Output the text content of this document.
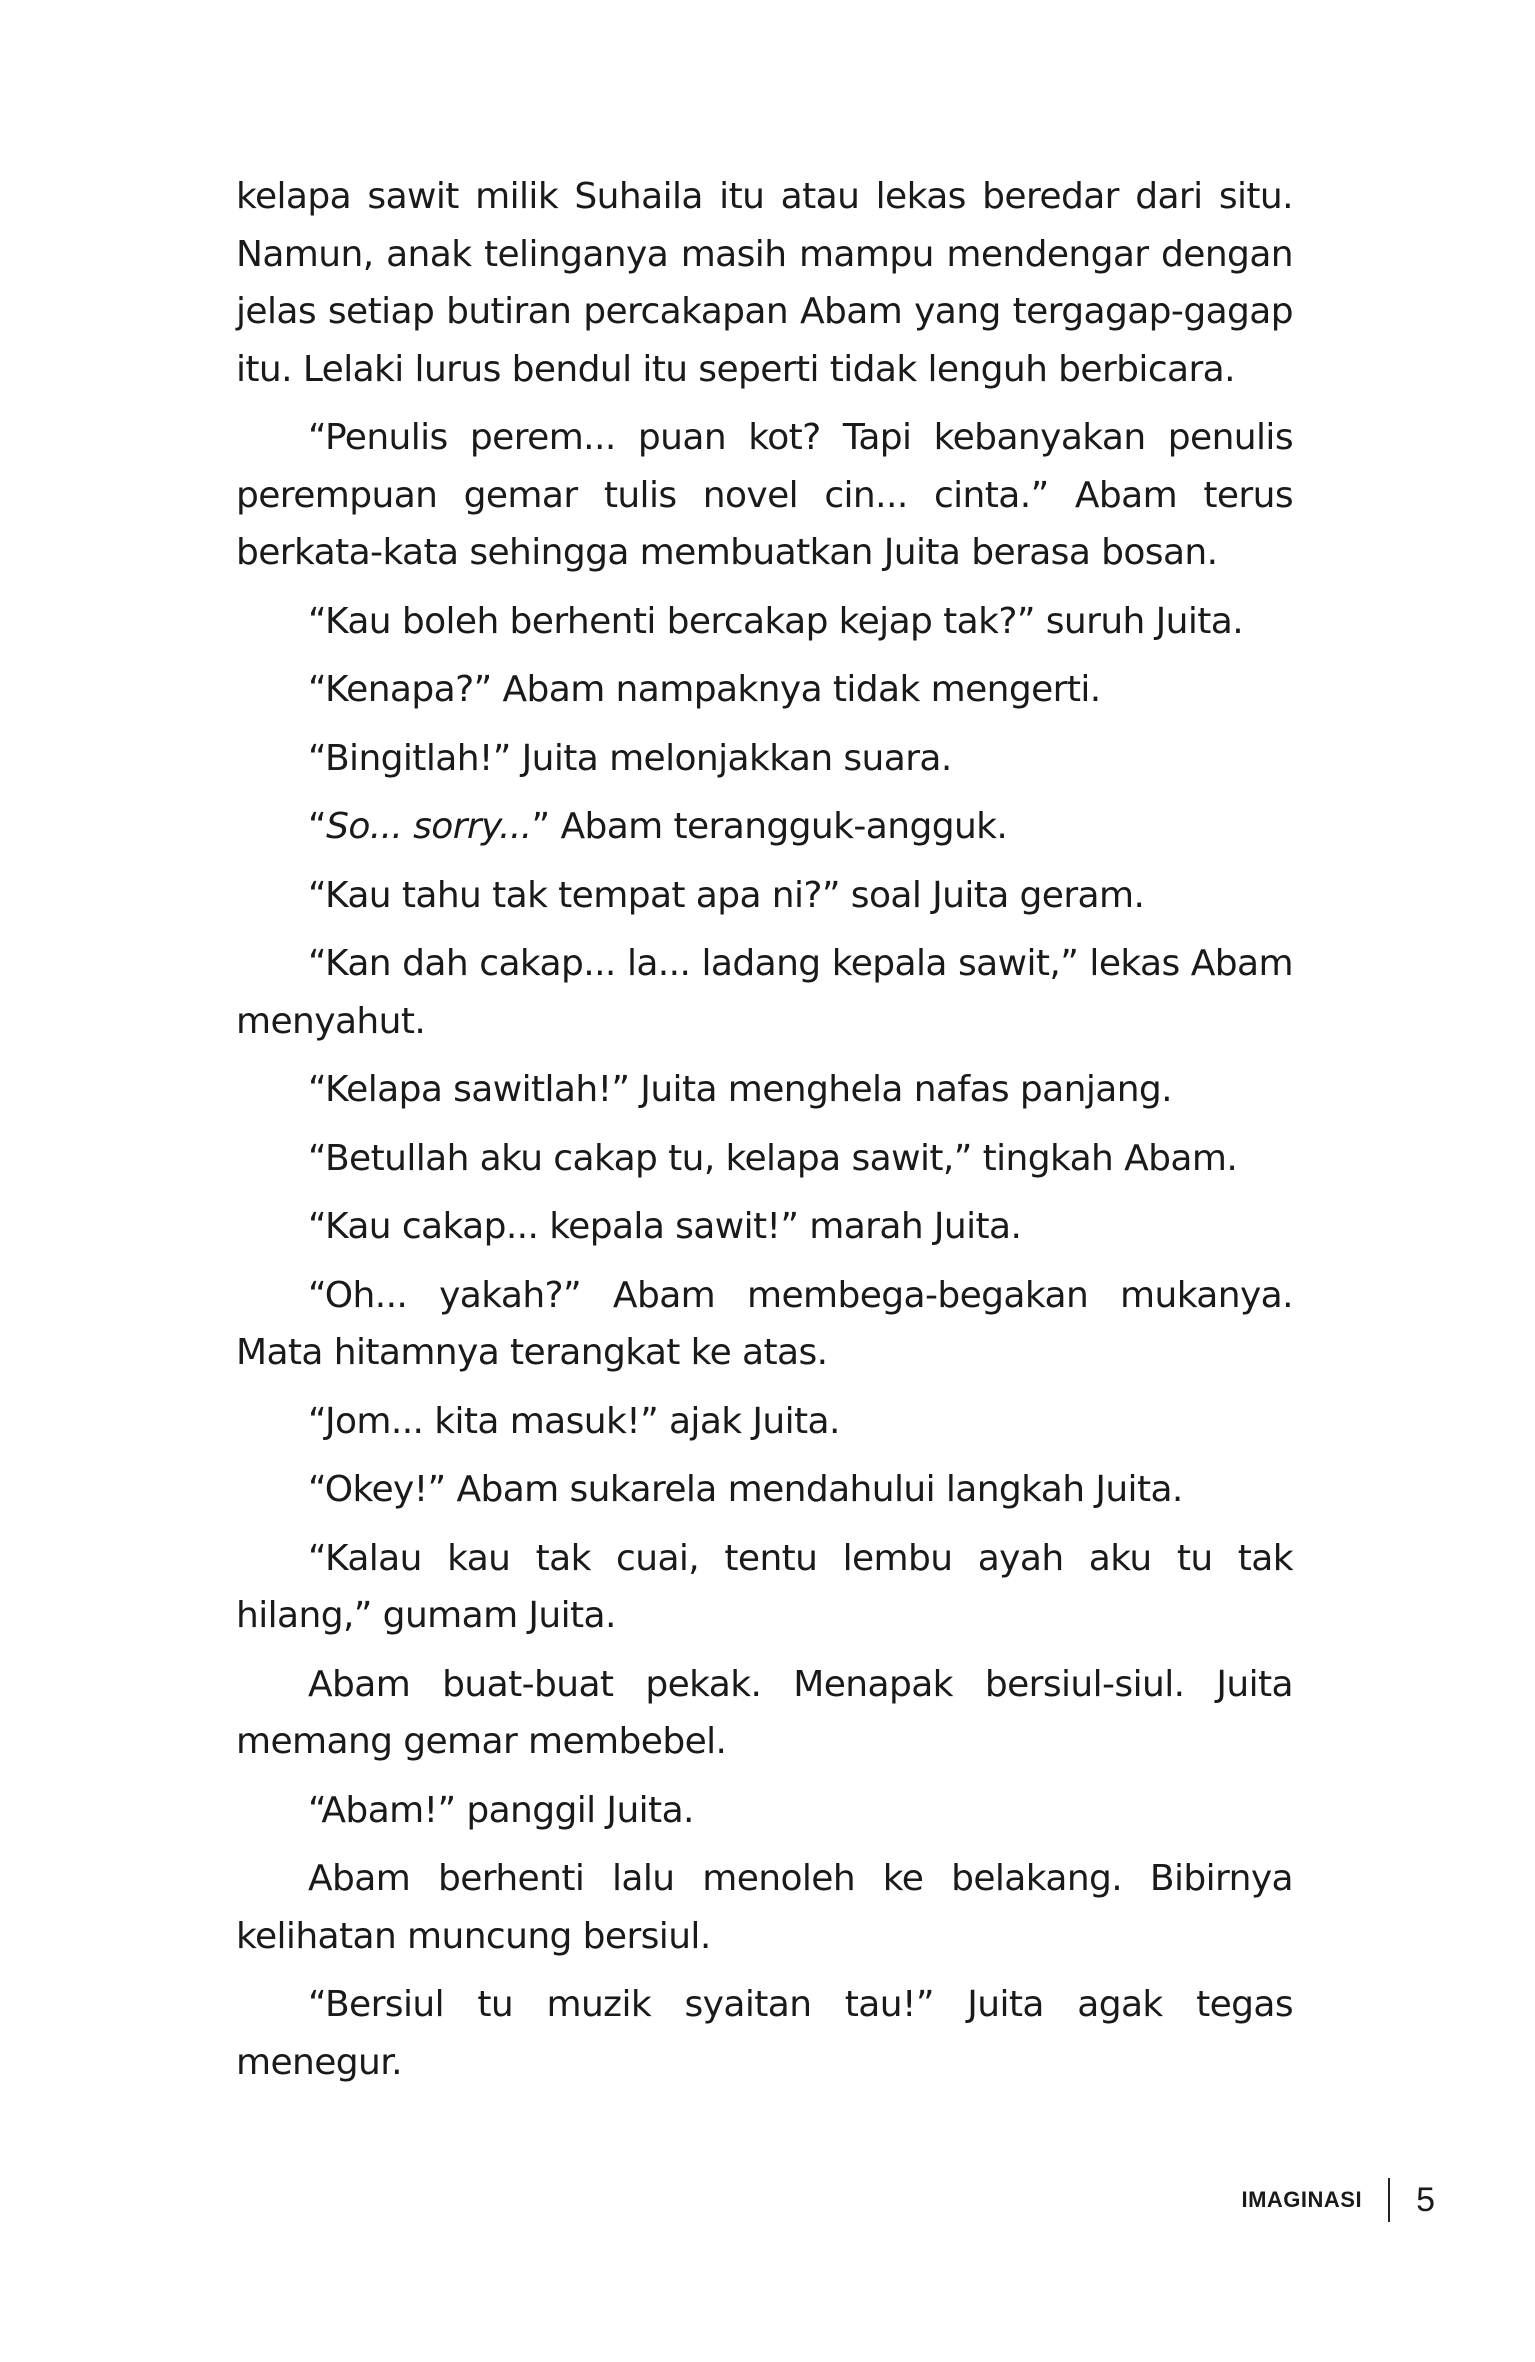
kelapa sawit milik Suhaila itu atau lekas beredar dari situ. Namun, anak telinganya masih mampu mendengar dengan jelas setiap butiran percakapan Abam yang tergagap-gagap itu. Lelaki lurus bendul itu seperti tidak lenguh berbicara.

“Penulis perem... puan kot? Tapi kebanyakan penulis perempuan gemar tulis novel cin... cinta.” Abam terus berkata-kata sehingga membuatkan Juita berasa bosan.

“Kau boleh berhenti bercakap kejap tak?” suruh Juita.

“Kenapa?” Abam nampaknya tidak mengerti.

“Bingitlah!” Juita melonjakkan suara.

“So... sorry...” Abam terangguk-angguk.

“Kau tahu tak tempat apa ni?” soal Juita geram.

“Kan dah cakap... la... ladang kepala sawit,” lekas Abam menyahut.

“Kelapa sawitlah!” Juita menghela nafas panjang.

“Betullah aku cakap tu, kelapa sawit,” tingkah Abam.

“Kau cakap... kepala sawit!” marah Juita.

“Oh... yakah?” Abam membega-begakan mukanya. Mata hitamnya terangkat ke atas.

“Jom... kita masuk!” ajak Juita.

“Okey!” Abam sukarela mendahului langkah Juita.

“Kalau kau tak cuai, tentu lembu ayah aku tu tak hilang,” gumam Juita.

Abam buat-buat pekak. Menapak bersiul-siul. Juita memang gemar membebel.

“Abam!” panggil Juita.

Abam berhenti lalu menoleh ke belakang. Bibirnya kelihatan muncung bersiul.

“Bersiul tu muzik syaitan tau!” Juita agak tegas menegur.

IMAGINASI 5
